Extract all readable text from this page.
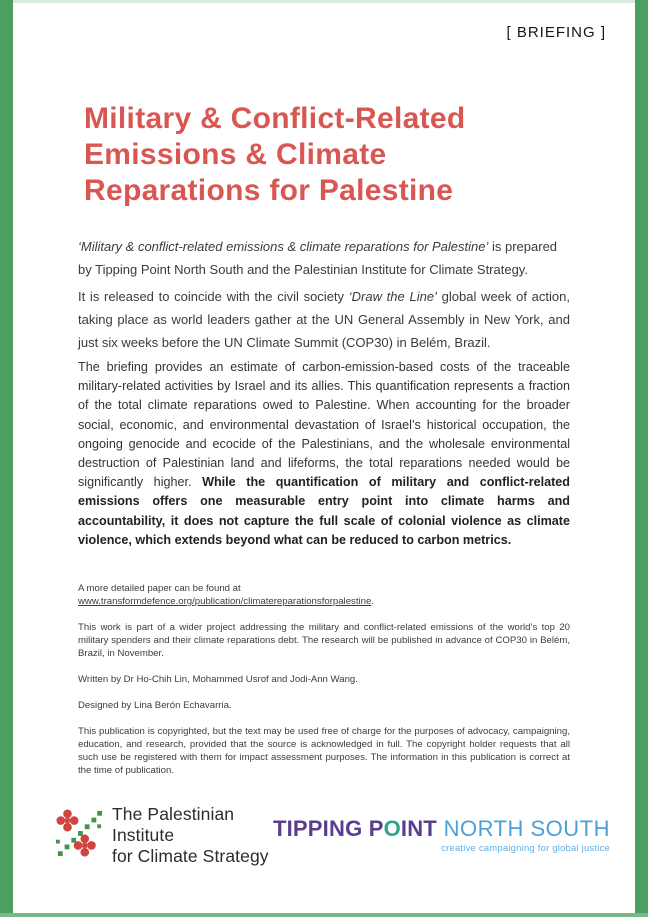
[ BRIEFING ]
Military & Conflict-Related
Emissions & Climate
Reparations for Palestine

‘Military & conflict-related emissions & climate reparations for Palestine’ is prepared by Tipping Point North South and the Palestinian Institute for Climate Strategy.

It is released to coincide with the civil society ‘Draw the Line’ global week of action, taking place as world leaders gather at the UN General Assembly in New York, and just six weeks before the UN Climate Summit (COP30) in Belém, Brazil.

The briefing provides an estimate of carbon-emission-based costs of the traceable military-related activities by Israel and its allies. This quantification represents a fraction of the total climate reparations owed to Palestine. When accounting for the broader social, economic, and environmental devastation of Israel’s historical occupation, the ongoing genocide and ecocide of the Palestinians, and the wholesale environmental destruction of Palestinian land and lifeforms, the total reparations needed would be significantly higher. While the quantification of military and conflict-related emissions offers one measurable entry point into climate harms and accountability, it does not capture the full scale of colonial violence as climate violence, which extends beyond what can be reduced to carbon metrics.

A more detailed paper can be found at
www.transformdefence.org/publication/climatereparationsforpalestine.

This work is part of a wider project addressing the military and conflict-related emissions of the world’s top 20 military spenders and their climate reparations debt. The research will be published in advance of COP30 in Belém, Brazil, in November.

Written by Dr Ho-Chih Lin, Mohammed Usrof and Jodi-Ann Wang.

Designed by Lina Berón Echavarria.

This publication is copyrighted, but the text may be used free of charge for the purposes of advocacy, campaigning, education, and research, provided that the source is acknowledged in full. The copyright holder requests that all such use be registered with them for impact assessment purposes. The information in this publication is correct at the time of publication.

The Palestinian Institute
for Climate Strategy
TIPPING POINT NORTH SOUTH
creative campaigning for global justice
